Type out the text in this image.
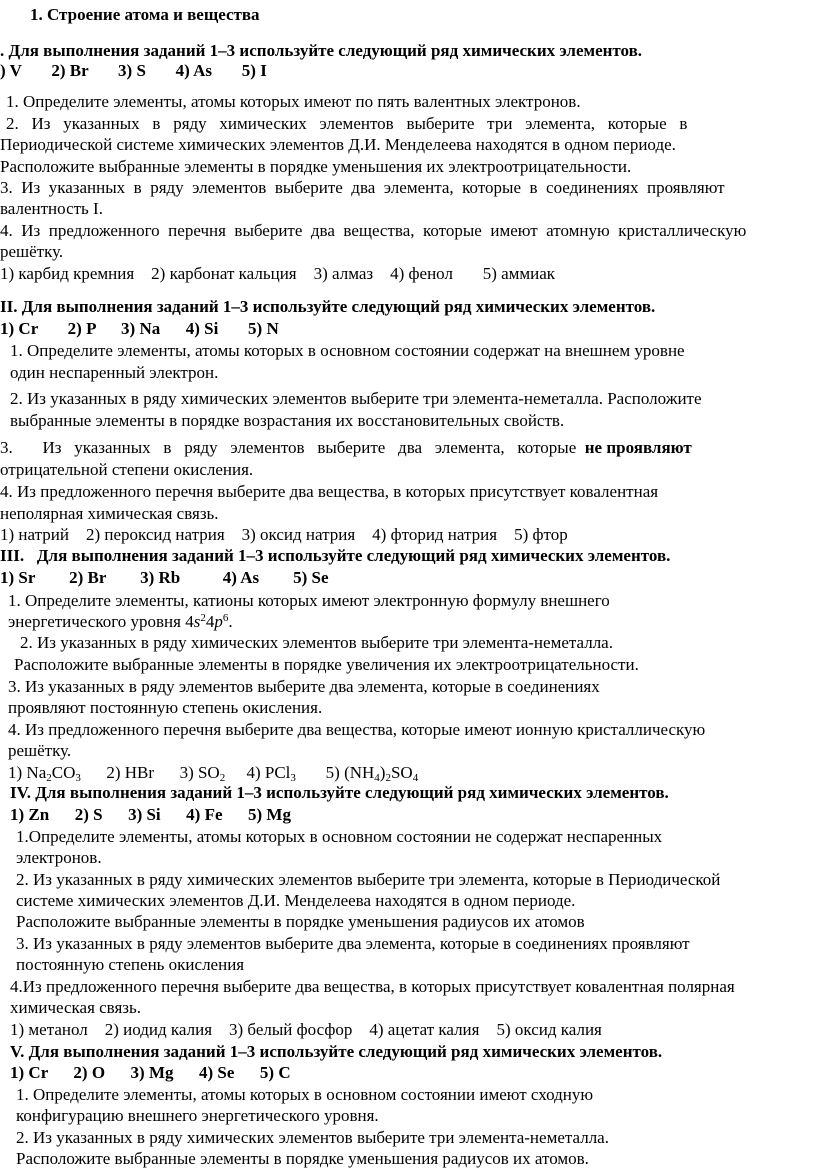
1. Строение атома и вещества
. Для выполнения заданий 1–3 используйте следующий ряд химических элементов.
) V       2) Br       3) S       4) As       5) I
1. Определите элементы, атомы которых имеют по пять валентных электронов.
2.   Из   указанных   в   ряду   химических   элементов   выберите   три   элемента,   которые   в
Периодической системе химических элементов Д.И. Менделеева находятся в одном периоде.
Расположите выбранные элементы в порядке уменьшения их электроотрицательности.
3.  Из  указанных  в  ряду  элементов  выберите  два  элемента,  которые  в  соединениях  проявляют
валентность I.
4.  Из  предложенного  перечня  выберите  два  вещества,  которые  имеют  атомную  кристаллическую
решётку.
1) карбид кремния    2) карбонат кальция    3) алмаз    4) фенол       5) аммиак
II. Для выполнения заданий 1–3 используйте следующий ряд химических элементов.
1) Cr       2) P      3) Na      4) Si       5) N
1. Определите элементы, атомы которых в основном состоянии содержат на внешнем уровне
один неспаренный электрон.
2. Из указанных в ряду химических элементов выберите три элемента-неметалла. Расположите
выбранные элементы в порядке возрастания их восстановительных свойств.
3.       Из   указанных   в   ряду   элементов   выберите   два   элемента,   которые не проявляют
отрицательной степени окисления.
4. Из предложенного перечня выберите два вещества, в которых присутствует ковалентная
неполярная химическая связь.
1) натрий    2) пероксид натрия    3) оксид натрия    4) фторид натрия    5) фтор
III.   Для выполнения заданий 1–3 используйте следующий ряд химических элементов.
1) Sr        2) Br        3) Rb          4) As        5) Se
1. Определите элементы, катионы которых имеют электронную формулу внешнего
энергетического уровня $4s^24p^6$.
2. Из указанных в ряду химических элементов выберите три элемента-неметалла.
Расположите выбранные элементы в порядке увеличения их электроотрицательности.
3. Из указанных в ряду элементов выберите два элемента, которые в соединениях
проявляют постоянную степень окисления.
4. Из предложенного перечня выберите два вещества, которые имеют ионную кристаллическую
решётку.
1) $Na_2CO_3$ 2) HBr 3) $SO_2$ 4) PCl$_3$ 5) $(NH_4)_2SO_4$
IV. Для выполнения заданий 1–3 используйте следующий ряд химических элементов.
1) Zn      2) S      3) Si      4) Fe      5) Mg
1.Определите элементы, атомы которых в основном состоянии не содержат неспаренных
электронов.
2. Из указанных в ряду химических элементов выберите три элемента, которые в Периодической
системе химических элементов Д.И. Менделеева находятся в одном периоде.
Расположите выбранные элементы в порядке уменьшения радиусов их атомов
3. Из указанных в ряду элементов выберите два элемента, которые в соединениях проявляют
постоянную степень окисления
4.Из предложенного перечня выберите два вещества, в которых присутствует ковалентная полярная
химическая связь.
1) метанол    2) иодид калия    3) белый фосфор    4) ацетат калия    5) оксид калия
V. Для выполнения заданий 1–3 используйте следующий ряд химических элементов.
1) Cr      2) O      3) Mg      4) Se      5) C
1. Определите элементы, атомы которых в основном состоянии имеют сходную
конфигурацию внешнего энергетического уровня.
2. Из указанных в ряду химических элементов выберите три элемента-неметалла.
Расположите выбранные элементы в порядке уменьшения радиусов их атомов.
